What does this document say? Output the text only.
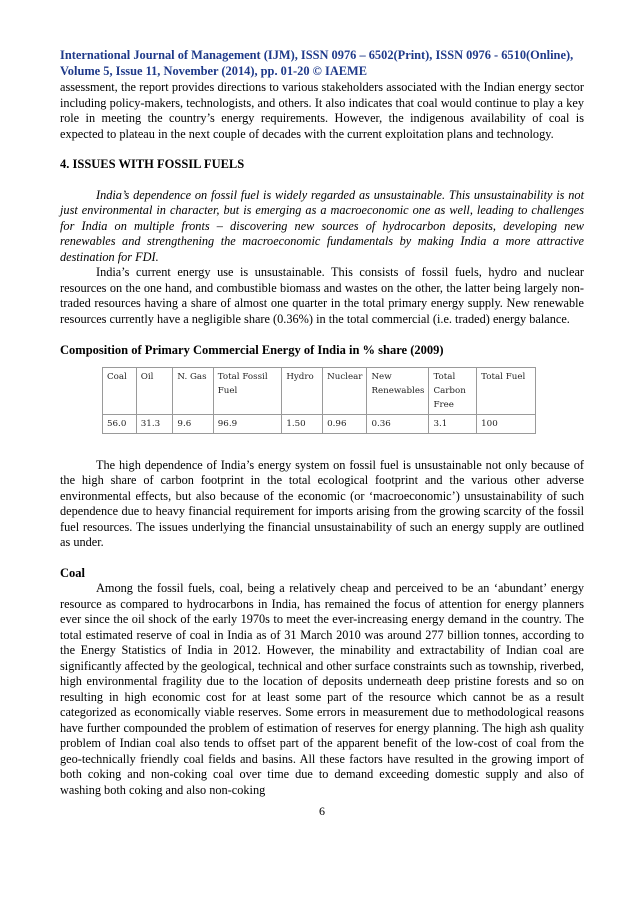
International Journal of Management (IJM), ISSN 0976 – 6502(Print), ISSN 0976 - 6510(Online),
Volume 5, Issue 11, November (2014), pp. 01-20 © IAEME

assessment, the report provides directions to various stakeholders associated with the Indian energy sector including policy-makers, technologists, and others. It also indicates that coal would continue to play a key role in meeting the country’s energy requirements. However, the indigenous availability of coal is expected to plateau in the next couple of decades with the current exploitation plans and technology.

4. ISSUES WITH FOSSIL FUELS

India’s dependence on fossil fuel is widely regarded as unsustainable. This unsustainability is not just environmental in character, but is emerging as a macroeconomic one as well, leading to challenges for India on multiple fronts – discovering new sources of hydrocarbon deposits, developing new renewables and strengthening the macroeconomic fundamentals by making India a more attractive destination for FDI.

India’s current energy use is unsustainable. This consists of fossil fuels, hydro and nuclear resources on the one hand, and combustible biomass and wastes on the other, the latter being largely non-traded resources having a share of almost one quarter in the total primary energy supply. New renewable resources currently have a negligible share (0.36%) in the total commercial (i.e. traded) energy balance.

Composition of Primary Commercial Energy of India in % share (2009)
Coal	Oil	N. Gas	Total Fossil Fuel	Hydro	Nuclear	New Renewables	Total Carbon Free	Total Fuel
56.0	31.3	9.6	96.9	1.50	0.96	0.36	3.1	100

The high dependence of India’s energy system on fossil fuel is unsustainable not only because of the high share of carbon footprint in the total ecological footprint and the various other adverse environmental effects, but also because of the economic (or ‘macroeconomic’) unsustainability of such dependence due to heavy financial requirement for imports arising from the growing scarcity of the fossil fuel resources. The issues underlying the financial unsustainability of such an energy supply are outlined as under.

Coal

Among the fossil fuels, coal, being a relatively cheap and perceived to be an ‘abundant’ energy resource as compared to hydrocarbons in India, has remained the focus of attention for energy planners ever since the oil shock of the early 1970s to meet the ever-increasing energy demand in the country. The total estimated reserve of coal in India as of 31 March 2010 was around 277 billion tonnes, according to the Energy Statistics of India in 2012. However, the minability and extractability of Indian coal are significantly affected by the geological, technical and other surface constraints such as township, riverbed, high environmental fragility due to the location of deposits underneath deep pristine forests and so on resulting in high economic cost for at least some part of the resource which cannot be as a result categorized as economically viable reserves. Some errors in measurement due to methodological reasons have further compounded the problem of estimation of reserves for energy planning. The high ash quality problem of Indian coal also tends to offset part of the apparent benefit of the low-cost of coal from the geo-technically friendly coal fields and basins. All these factors have resulted in the growing import of both coking and non-coking coal over time due to demand exceeding domestic supply and also of washing both coking and also non-coking

6
